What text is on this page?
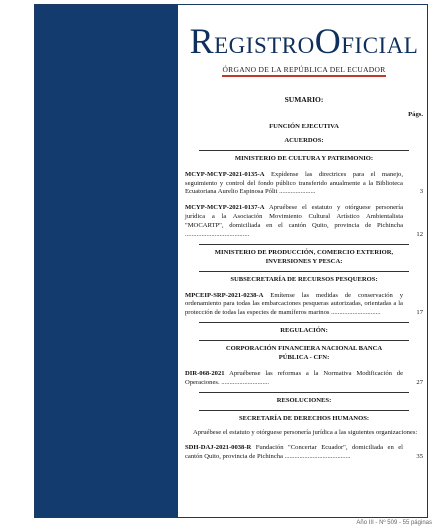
REGISTROOFICIAL
ÓRGANO DE LA REPÚBLICA DEL ECUADOR
SUMARIO:
Págs.
FUNCIÓN EJECUTIVA
ACUERDOS:
MINISTERIO DE CULTURA Y PATRIMONIO:
MCYP-MCYP-2021-0135-A Expídense las directrices para el manejo, seguimiento y control del fondo público transferido anualmente a la Biblioteca Ecuatoriana Aurelio Espinosa Pólit ......................	3
MCYP-MCYP-2021-0137-A Apruébese el estatuto y otórguese personería jurídica a la Asociación Movimiento Cultural Artístico Ambientalista "MOCARTP", domiciliada en el cantón Quito, provincia de Pichincha .......................................	12
MINISTERIO DE PRODUCCIÓN, COMERCIO EXTERIOR, INVERSIONES Y PESCA:
SUBSECRETARÍA DE RECURSOS PESQUEROS:
MPCEIP-SRP-2021-0238-A Emítense las medidas de conservación y ordenamiento para todas las embarcaciones pesqueras autorizadas, orientadas a la protección de todas las especies de mamíferos marinos ..............................	17
REGULACIÓN:
CORPORACIÓN FINANCIERA NACIONAL BANCA PÚBLICA - CFN:
DIR-068-2021 Apruébense las reformas a la Normativa Modificación de Operaciones. .............................	27
RESOLUCIONES:
SECRETARÍA DE DERECHOS HUMANOS:
Apruébese el estatuto y otórguese personería jurídica a las siguientes organizaciones:
SDH-DAJ-2021-0038-R Fundación "Concertar Ecuador", domiciliada en el cantón Quito, provincia de Pichincha ........................................	35
Año III - Nº 509 - 55 páginas
